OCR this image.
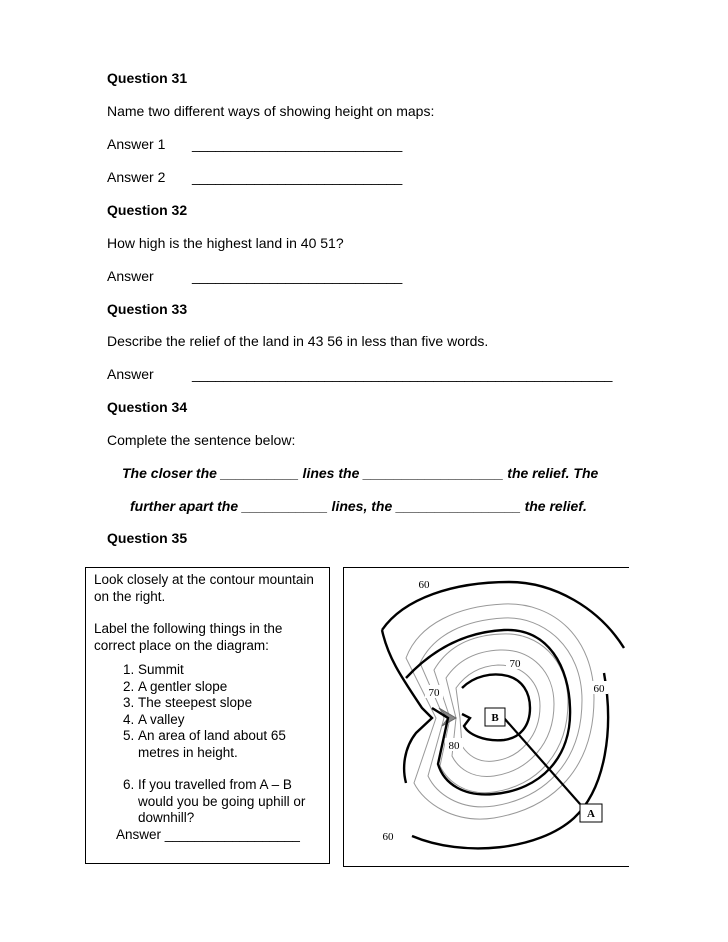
Question 31
Name two different ways of showing height on maps:
Answer 1 ___________________________
Answer 2 ___________________________
Question 32
How high is the highest land in 40 51?
Answer	___________________________
Question 33
Describe the relief of the land in 43 56 in less than five words.
Answer	______________________________________________________
Question 34
Complete the sentence below:
The closer the __________ lines the __________________ the relief. The
further apart the ___________ lines, the ________________ the relief.
Question 35

Look closely at the contour mountain on the right.

Label the following things in the correct place on the diagram:

1. Summit
2. A gentler slope
3. The steepest slope
4. A valley
5. An area of land about 65 metres in height.
6. If you travelled from A – B would you be going uphill or downhill?
Answer __________________
B
A
60
70
60
70
80
60
